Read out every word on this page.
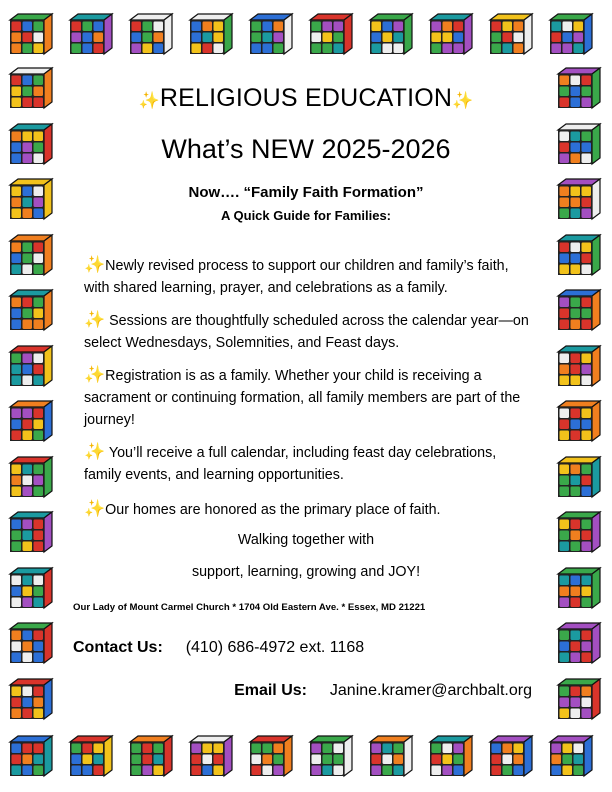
✨RELIGIOUS EDUCATION✨
What’s NEW 2025-2026
Now…. “Family Faith Formation”
A Quick Guide for Families:
✨Newly revised process to support our children and family’s faith, with shared learning, prayer, and celebrations as a family.
✨ Sessions are thoughtfully scheduled across the calendar year—on select Wednesdays, Solemnities, and Feast days.
✨Registration is as a family. Whether your child is receiving a sacrament or continuing formation, all family members are part of the journey!
✨ You’ll receive a full calendar, including feast day celebrations, family events, and learning opportunities.
✨Our homes are honored as the primary place of faith.
Walking together with
support, learning, growing and JOY!
Our Lady of Mount Carmel Church * 1704 Old Eastern Ave. * Essex, MD 21221
Contact Us: (410) 686-4972 ext. 1168
Email Us: Janine.kramer@archbalt.org
